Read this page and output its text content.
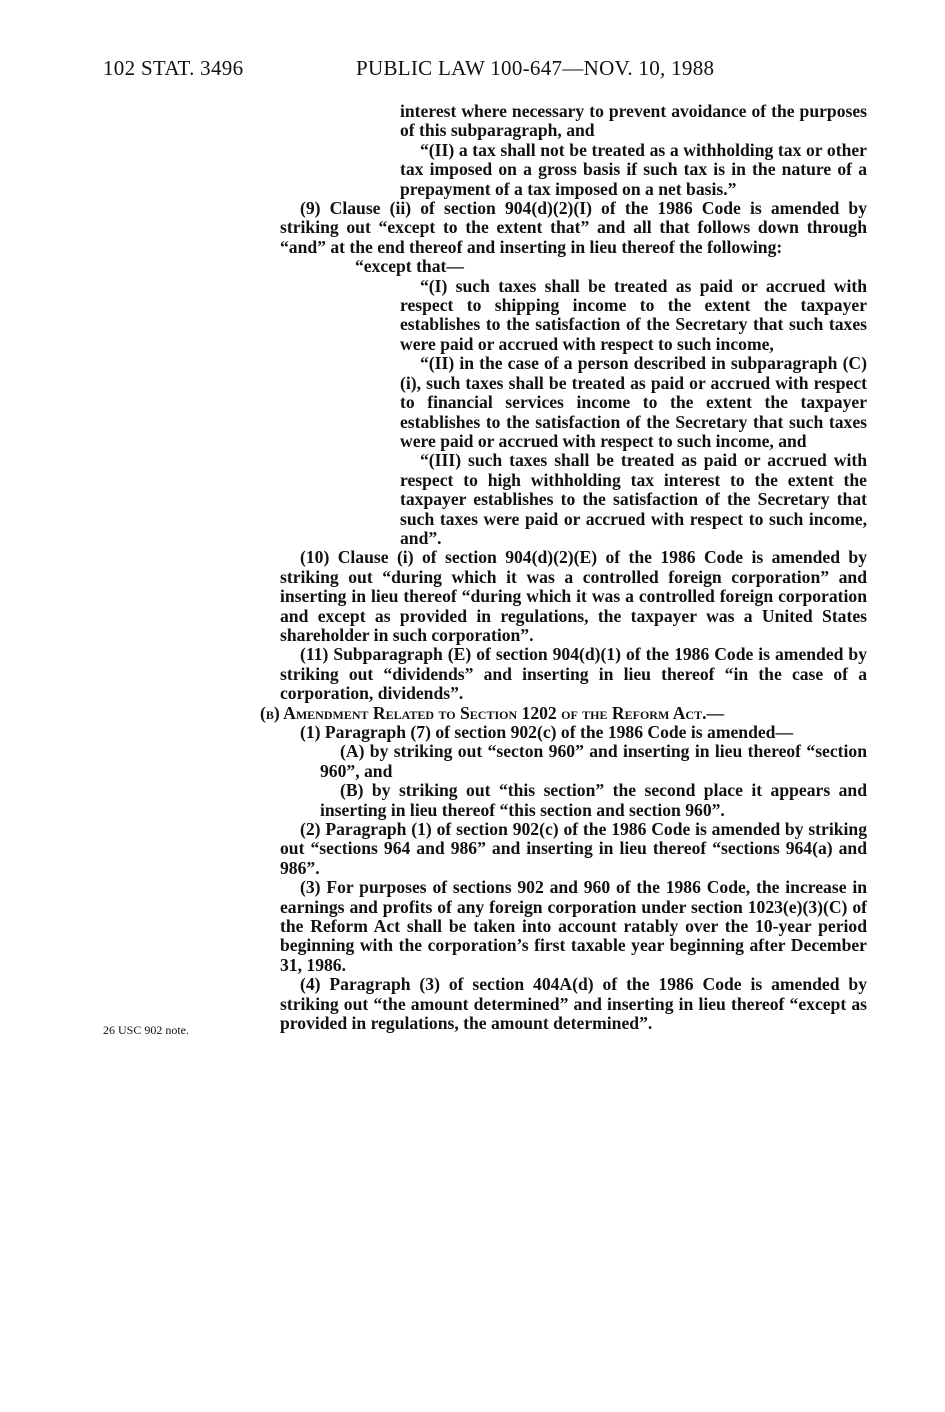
102 STAT. 3496	PUBLIC LAW 100-647—NOV. 10, 1988
26 USC 902 note.

interest where necessary to prevent avoidance of the purposes of this subparagraph, and

“(II) a tax shall not be treated as a withholding tax or other tax imposed on a gross basis if such tax is in the nature of a prepayment of a tax imposed on a net basis.”

(9) Clause (ii) of section 904(d)(2)(I) of the 1986 Code is amended by striking out “except to the extent that” and all that follows down through “and” at the end thereof and inserting in lieu thereof the following:

“except that—

“(I) such taxes shall be treated as paid or accrued with respect to shipping income to the extent the taxpayer establishes to the satisfaction of the Secretary that such taxes were paid or accrued with respect to such income,

“(II) in the case of a person described in subparagraph (C)(i), such taxes shall be treated as paid or accrued with respect to financial services income to the extent the taxpayer establishes to the satisfaction of the Secretary that such taxes were paid or accrued with respect to such income, and

“(III) such taxes shall be treated as paid or accrued with respect to high withholding tax interest to the extent the taxpayer establishes to the satisfaction of the Secretary that such taxes were paid or accrued with respect to such income, and”.

(10) Clause (i) of section 904(d)(2)(E) of the 1986 Code is amended by striking out “during which it was a controlled foreign corporation” and inserting in lieu thereof “during which it was a controlled foreign corporation and except as provided in regulations, the taxpayer was a United States shareholder in such corporation”.

(11) Subparagraph (E) of section 904(d)(1) of the 1986 Code is amended by striking out “dividends” and inserting in lieu thereof “in the case of a corporation, dividends”.

(b) Amendment Related to Section 1202 of the Reform Act.—

(1) Paragraph (7) of section 902(c) of the 1986 Code is amended—

(A) by striking out “secton 960” and inserting in lieu thereof “section 960”, and

(B) by striking out “this section” the second place it appears and inserting in lieu thereof “this section and section 960”.

(2) Paragraph (1) of section 902(c) of the 1986 Code is amended by striking out “sections 964 and 986” and inserting in lieu thereof “sections 964(a) and 986”.

(3) For purposes of sections 902 and 960 of the 1986 Code, the increase in earnings and profits of any foreign corporation under section 1023(e)(3)(C) of the Reform Act shall be taken into account ratably over the 10-year period beginning with the corporation’s first taxable year beginning after December 31, 1986.

(4) Paragraph (3) of section 404A(d) of the 1986 Code is amended by striking out “the amount determined” and inserting in lieu thereof “except as provided in regulations, the amount determined”.
